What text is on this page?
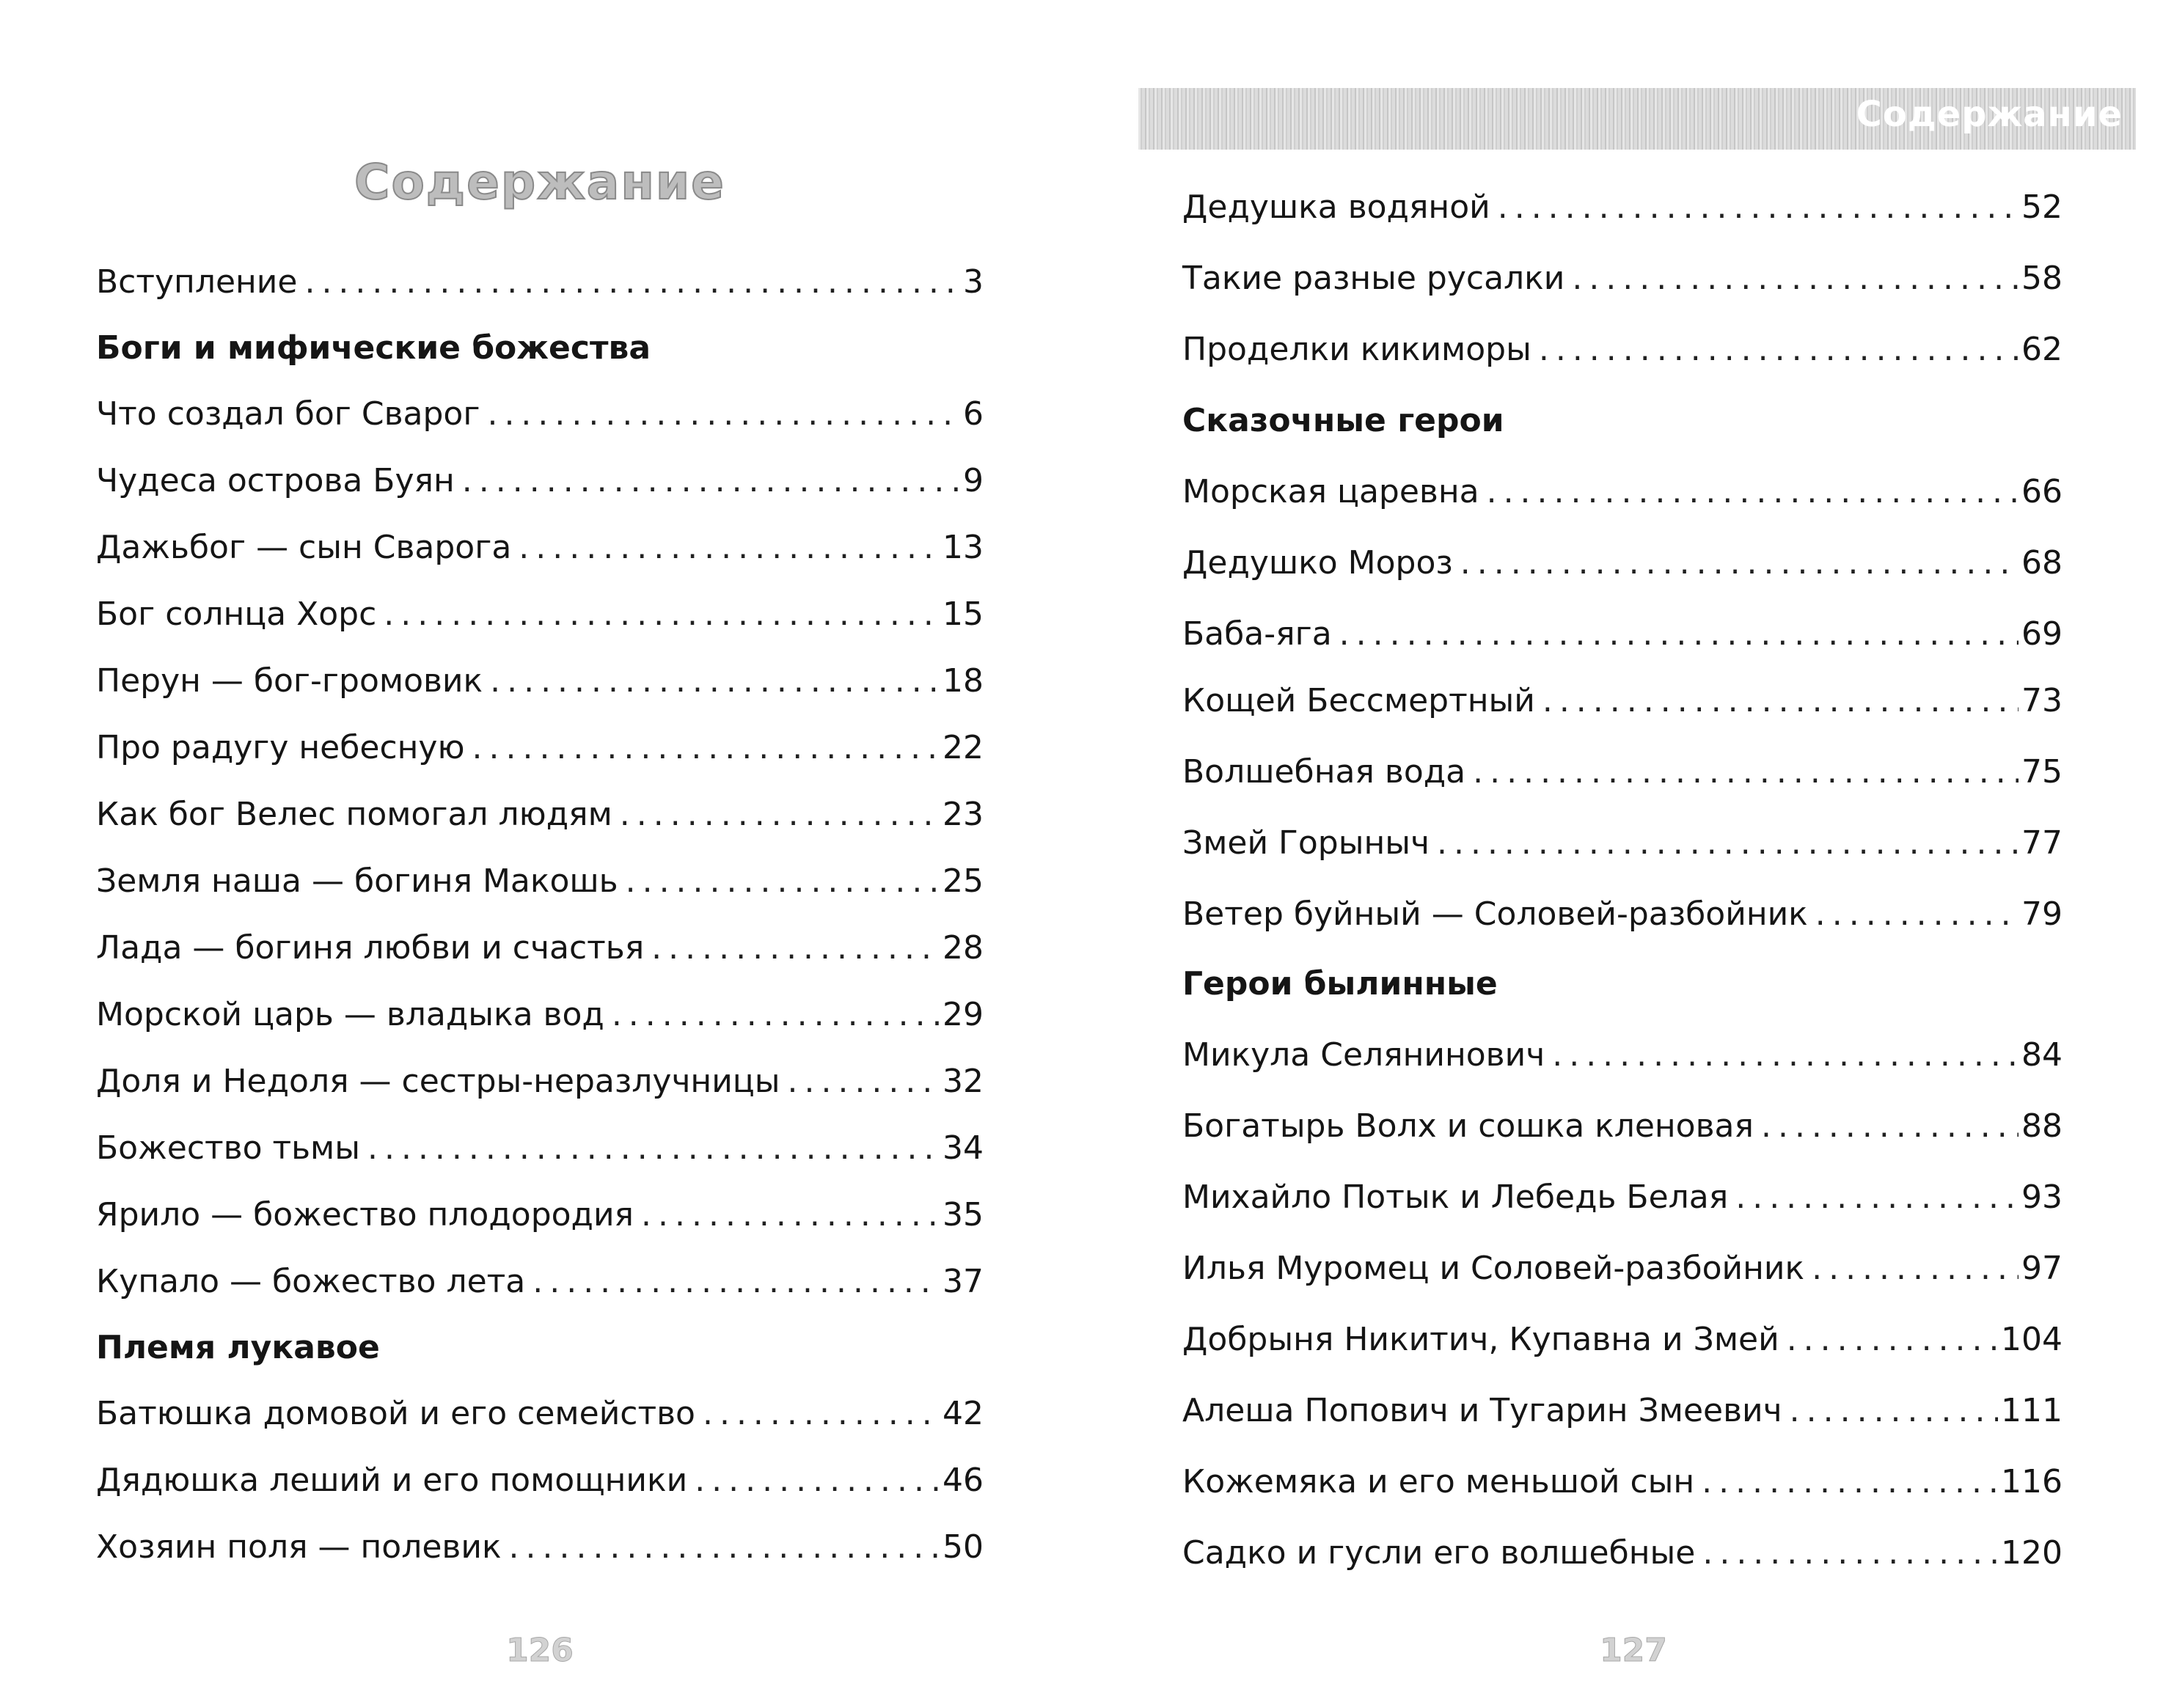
Содержание
Вступление .....	3
Боги и мифические божества
Что создал бог Сварог .....	6
Чудеса острова Буян .....	9
Дажьбог — сын Сварога .....	13
Бог солнца Хорс .....	15
Перун — бог-громовик .....	18
Про радугу небесную .....	22
Как бог Велес помогал людям .....	23
Земля наша — богиня Макошь .....	25
Лада — богиня любви и счастья .....	28
Морской царь — владыка вод .....	29
Доля и Недоля — сестры-неразлучницы .....	32
Божество тьмы .....	34
Ярило — божество плодородия .....	35
Купало — божество лета .....	37
Племя лукавое
Батюшка домовой и его семейство .....	42
Дядюшка леший и его помощники .....	46
Хозяин поля — полевик .....	50
126
Содержание
Дедушка водяной .....	52
Такие разные русалки .....	58
Проделки кикиморы .....	62
Сказочные герои
Морская царевна .....	66
Дедушко Мороз .....	68
Баба-яга .....	69
Кощей Бессмертный .....	73
Волшебная вода .....	75
Змей Горыныч .....	77
Ветер буйный — Соловей-разбойник .....	79
Герои былинные
Микула Селянинович .....	84
Богатырь Волх и сошка кленовая .....	88
Михайло Потык и Лебедь Белая .....	93
Илья Муромец и Соловей-разбойник .....	97
Добрыня Никитич, Купавна и Змей .....	104
Алеша Попович и Тугарин Змеевич .....	111
Кожемяка и его меньшой сын .....	116
Садко и гусли его волшебные .....	120
127
